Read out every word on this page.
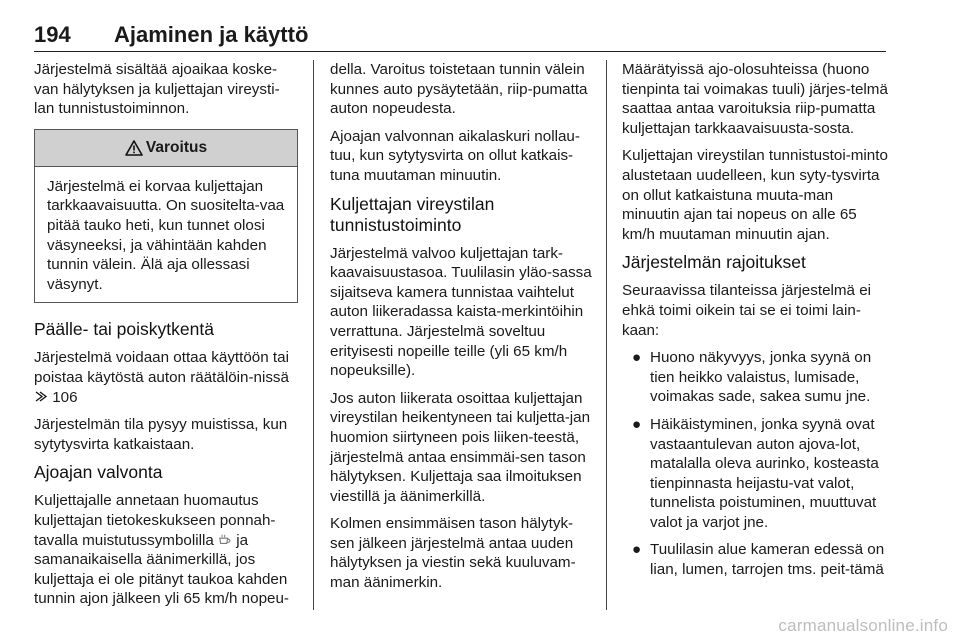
194 Ajaminen ja käyttö

Järjestelmä sisältää ajoaikaa koske-van hälytyksen ja kuljettajan vireysti-lan tunnistustoiminnon.

Varoitus
Järjestelmä ei korvaa kuljettajan tarkkaavaisuutta. On suositelta-vaa pitää tauko heti, kun tunnet olosi väsyneeksi, ja vähintään kahden tunnin välein. Älä aja ollessasi väsynyt.
Päälle- tai poiskytkentä

Järjestelmä voidaan ottaa käyttöön tai poistaa käytöstä auton räätälöin-nissä  106

Järjestelmän tila pysyy muistissa, kun sytytysvirta katkaistaan.

Ajoajan valvonta

Kuljettajalle annetaan huomautus kuljettajan tietokeskukseen ponnah-tavalla muistutussymbolilla ja samanaikaisella äänimerkillä, jos kuljettaja ei ole pitänyt taukoa kahden tunnin ajon jälkeen yli 65 km/h nopeu-

della. Varoitus toistetaan tunnin välein kunnes auto pysäytetään, riip-pumatta auton nopeudesta.

Ajoajan valvonnan aikalaskuri nollau-tuu, kun sytytysvirta on ollut katkais-tuna muutaman minuutin.

Kuljettajan vireystilan tunnistustoiminto

Järjestelmä valvoo kuljettajan tark-kaavaisuustasoa. Tuulilasin yläo-sassa sijaitseva kamera tunnistaa vaihtelut auton liikeradassa kaista-merkintöihin verrattuna. Järjestelmä soveltuu erityisesti nopeille teille (yli 65 km/h nopeuksille).

Jos auton liikerata osoittaa kuljettajan vireystilan heikentyneen tai kuljetta-jan huomion siirtyneen pois liiken-teestä, järjestelmä antaa ensimmäi-sen tason hälytyksen. Kuljettaja saa ilmoituksen viestillä ja äänimerkillä.

Kolmen ensimmäisen tason hälytyk-sen jälkeen järjestelmä antaa uuden hälytyksen ja viestin sekä kuuluvam-man äänimerkin.

Määrätyissä ajo-olosuhteissa (huono tienpinta tai voimakas tuuli) järjes-telmä saattaa antaa varoituksia riip-pumatta kuljettajan tarkkaavaisuusta-sosta.

Kuljettajan vireystilan tunnistustoi-minto alustetaan uudelleen, kun syty-tysvirta on ollut katkaistuna muuta-man minuutin ajan tai nopeus on alle 65 km/h muutaman minuutin ajan.

Järjestelmän rajoitukset

Seuraavissa tilanteissa järjestelmä ei ehkä toimi oikein tai se ei toimi lain-kaan:

● Huono näkyvyys, jonka syynä on tien heikko valaistus, lumisade, voimakas sade, sakea sumu jne.
● Häikäistyminen, jonka syynä ovat vastaantulevan auton ajova-lot, matalalla oleva aurinko, kosteasta tienpinnasta heijastu-vat valot, tunnelista poistuminen, muuttuvat valot ja varjot jne.
● Tuulilasin alue kameran edessä on lian, lumen, tarrojen tms. peit-tämä
carmanualsonline.info
